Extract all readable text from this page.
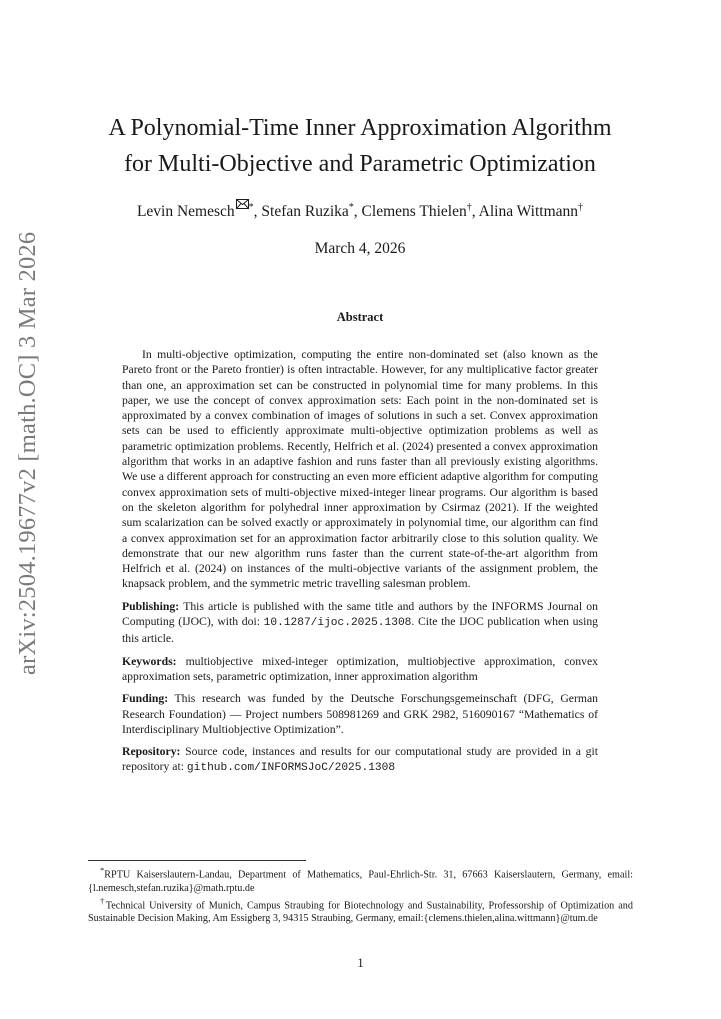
arXiv:2504.19677v2 [math.OC] 3 Mar 2026
A Polynomial-Time Inner Approximation Algorithm
for Multi-Objective and Parametric Optimization
Levin Nemesch *, Stefan Ruzika*, Clemens Thielen†, Alina Wittmann†
March 4, 2026
Abstract

In multi-objective optimization, computing the entire non-dominated set (also known as the Pareto front or the Pareto frontier) is often intractable. However, for any multiplicative factor greater than one, an approximation set can be constructed in polynomial time for many problems. In this paper, we use the concept of convex approximation sets: Each point in the non-dominated set is approximated by a convex combination of images of solutions in such a set. Convex approximation sets can be used to efficiently approximate multi-objective optimization problems as well as parametric optimization problems. Recently, Helfrich et al. (2024) presented a convex approximation algorithm that works in an adaptive fashion and runs faster than all previously existing algorithms. We use a different approach for constructing an even more efficient adaptive algorithm for computing convex approximation sets of multi-objective mixed-integer linear programs. Our algorithm is based on the skeleton algorithm for polyhedral inner approximation by Csirmaz (2021). If the weighted sum scalarization can be solved exactly or approximately in polynomial time, our algorithm can find a convex approximation set for an approximation factor arbitrarily close to this solution quality. We demonstrate that our new algorithm runs faster than the current state-of-the-art algorithm from Helfrich et al. (2024) on instances of the multi-objective variants of the assignment problem, the knapsack problem, and the symmetric metric travelling salesman problem.

Publishing: This article is published with the same title and authors by the INFORMS Journal on Computing (IJOC), with doi: 10.1287/ijoc.2025.1308. Cite the IJOC publication when using this article.

Keywords: multiobjective mixed-integer optimization, multiobjective approximation, convex approximation sets, parametric optimization, inner approximation algorithm

Funding: This research was funded by the Deutsche Forschungsgemeinschaft (DFG, German Research Foundation) — Project numbers 508981269 and GRK 2982, 516090167 “Mathematics of Interdisciplinary Multiobjective Optimization”.

Repository: Source code, instances and results for our computational study are provided in a git repository at: github.com/INFORMSJoC/2025.1308

*RPTU Kaiserslautern-Landau, Department of Mathematics, Paul-Ehrlich-Str. 31, 67663 Kaiserslautern, Germany, email:{l.nemesch,stefan.ruzika}@math.rptu.de

†Technical University of Munich, Campus Straubing for Biotechnology and Sustainability, Professorship of Optimization and Sustainable Decision Making, Am Essigberg 3, 94315 Straubing, Germany, email:{clemens.thielen,alina.wittmann}@tum.de

1
